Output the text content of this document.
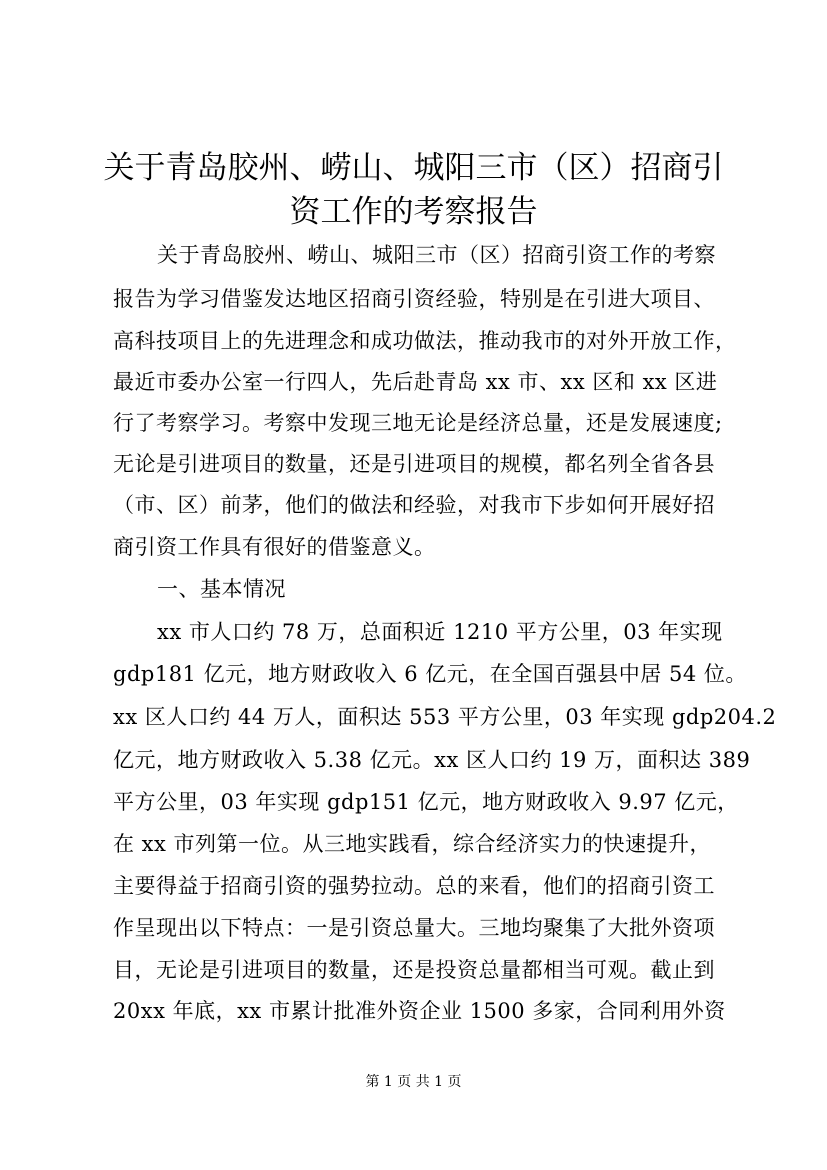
关于青岛胶州、崂山、城阳三市（区）招商引
资工作的考察报告
关于青岛胶州、崂山、城阳三市（区）招商引资工作的考察
报告为学习借鉴发达地区招商引资经验，特别是在引进大项目、
高科技项目上的先进理念和成功做法，推动我市的对外开放工作，
最近市委办公室一行四人，先后赴青岛 xx 市、xx 区和 xx 区进
行了考察学习。考察中发现三地无论是经济总量，还是发展速度;
无论是引进项目的数量，还是引进项目的规模，都名列全省各县
（市、区）前茅，他们的做法和经验，对我市下步如何开展好招
商引资工作具有很好的借鉴意义。
一、基本情况
xx 市人口约 78 万，总面积近 1210 平方公里，03 年实现
gdp181 亿元，地方财政收入 6 亿元，在全国百强县中居 54 位。
xx 区人口约 44 万人，面积达 553 平方公里，03 年实现 gdp204.2
亿元，地方财政收入 5.38 亿元。xx 区人口约 19 万，面积达 389
平方公里，03 年实现 gdp151 亿元，地方财政收入 9.97 亿元，
在 xx 市列第一位。从三地实践看，综合经济实力的快速提升，
主要得益于招商引资的强势拉动。总的来看，他们的招商引资工
作呈现出以下特点：一是引资总量大。三地均聚集了大批外资项
目，无论是引进项目的数量，还是投资总量都相当可观。截止到
20xx 年底，xx 市累计批准外资企业 1500 多家，合同利用外资
第 1 页 共 1 页
